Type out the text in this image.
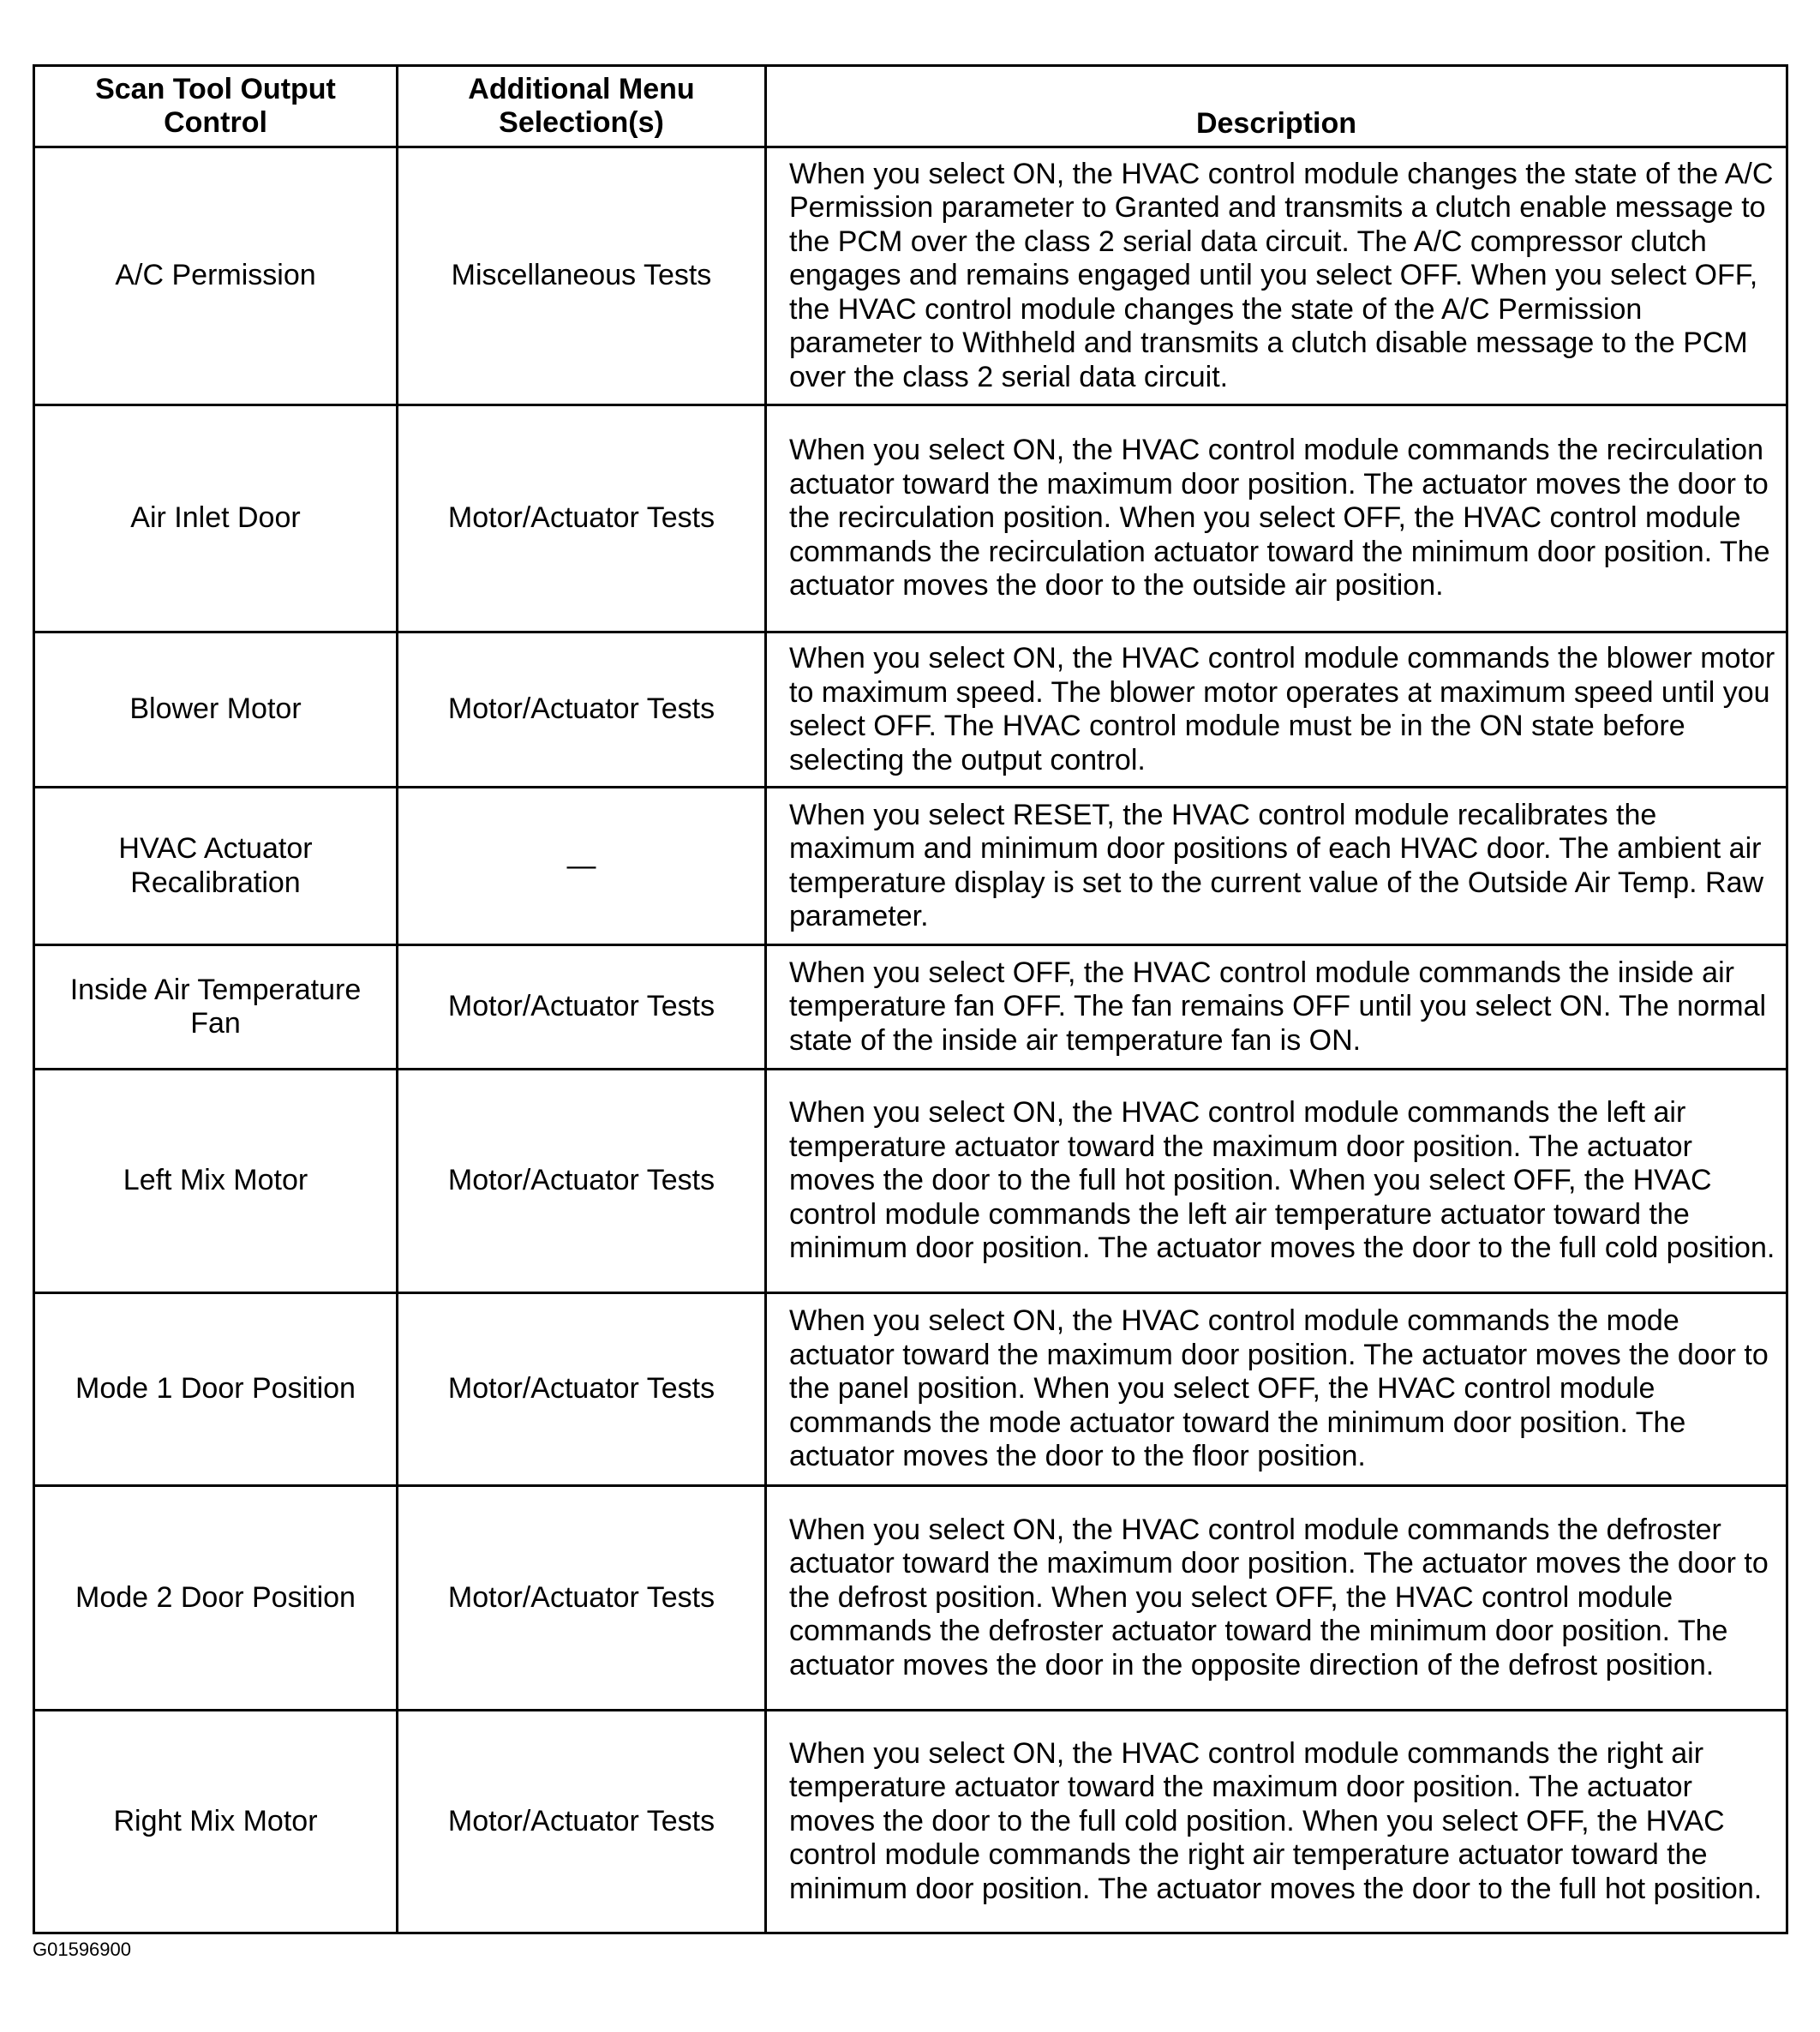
Scan Tool Output Control	Additional Menu Selection(s)	Description
A/C Permission	Miscellaneous Tests	When you select ON, the HVAC control module changes the state of the A/C Permission parameter to Granted and transmits a clutch enable message to the PCM over the class 2 serial data circuit. The A/C compressor clutch engages and remains engaged until you select OFF. When you select OFF, the HVAC control module changes the state of the A/C Permission parameter to Withheld and transmits a clutch disable message to the PCM over the class 2 serial data circuit.
Air Inlet Door	Motor/Actuator Tests	When you select ON, the HVAC control module commands the recirculation actuator toward the maximum door position. The actuator moves the door to the recirculation position. When you select OFF, the HVAC control module commands the recirculation actuator toward the minimum door position. The actuator moves the door to the outside air position.
Blower Motor	Motor/Actuator Tests	When you select ON, the HVAC control module commands the blower motor to maximum speed. The blower motor operates at maximum speed until you select OFF. The HVAC control module must be in the ON state before selecting the output control.
HVAC Actuator Recalibration	—	When you select RESET, the HVAC control module recalibrates the maximum and minimum door positions of each HVAC door. The ambient air temperature display is set to the current value of the Outside Air Temp. Raw parameter.
Inside Air Temperature Fan	Motor/Actuator Tests	When you select OFF, the HVAC control module commands the inside air temperature fan OFF. The fan remains OFF until you select ON. The normal state of the inside air temperature fan is ON.
Left Mix Motor	Motor/Actuator Tests	When you select ON, the HVAC control module commands the left air temperature actuator toward the maximum door position. The actuator moves the door to the full hot position. When you select OFF, the HVAC control module commands the left air temperature actuator toward the minimum door position. The actuator moves the door to the full cold position.
Mode 1 Door Position	Motor/Actuator Tests	When you select ON, the HVAC control module commands the mode actuator toward the maximum door position. The actuator moves the door to the panel position. When you select OFF, the HVAC control module commands the mode actuator toward the minimum door position. The actuator moves the door to the floor position.
Mode 2 Door Position	Motor/Actuator Tests	When you select ON, the HVAC control module commands the defroster actuator toward the maximum door position. The actuator moves the door to the defrost position. When you select OFF, the HVAC control module commands the defroster actuator toward the minimum door position. The actuator moves the door in the opposite direction of the defrost position.
Right Mix Motor	Motor/Actuator Tests	When you select ON, the HVAC control module commands the right air temperature actuator toward the maximum door position. The actuator moves the door to the full cold position. When you select OFF, the HVAC control module commands the right air temperature actuator toward the minimum door position. The actuator moves the door to the full hot position.
G01596900
